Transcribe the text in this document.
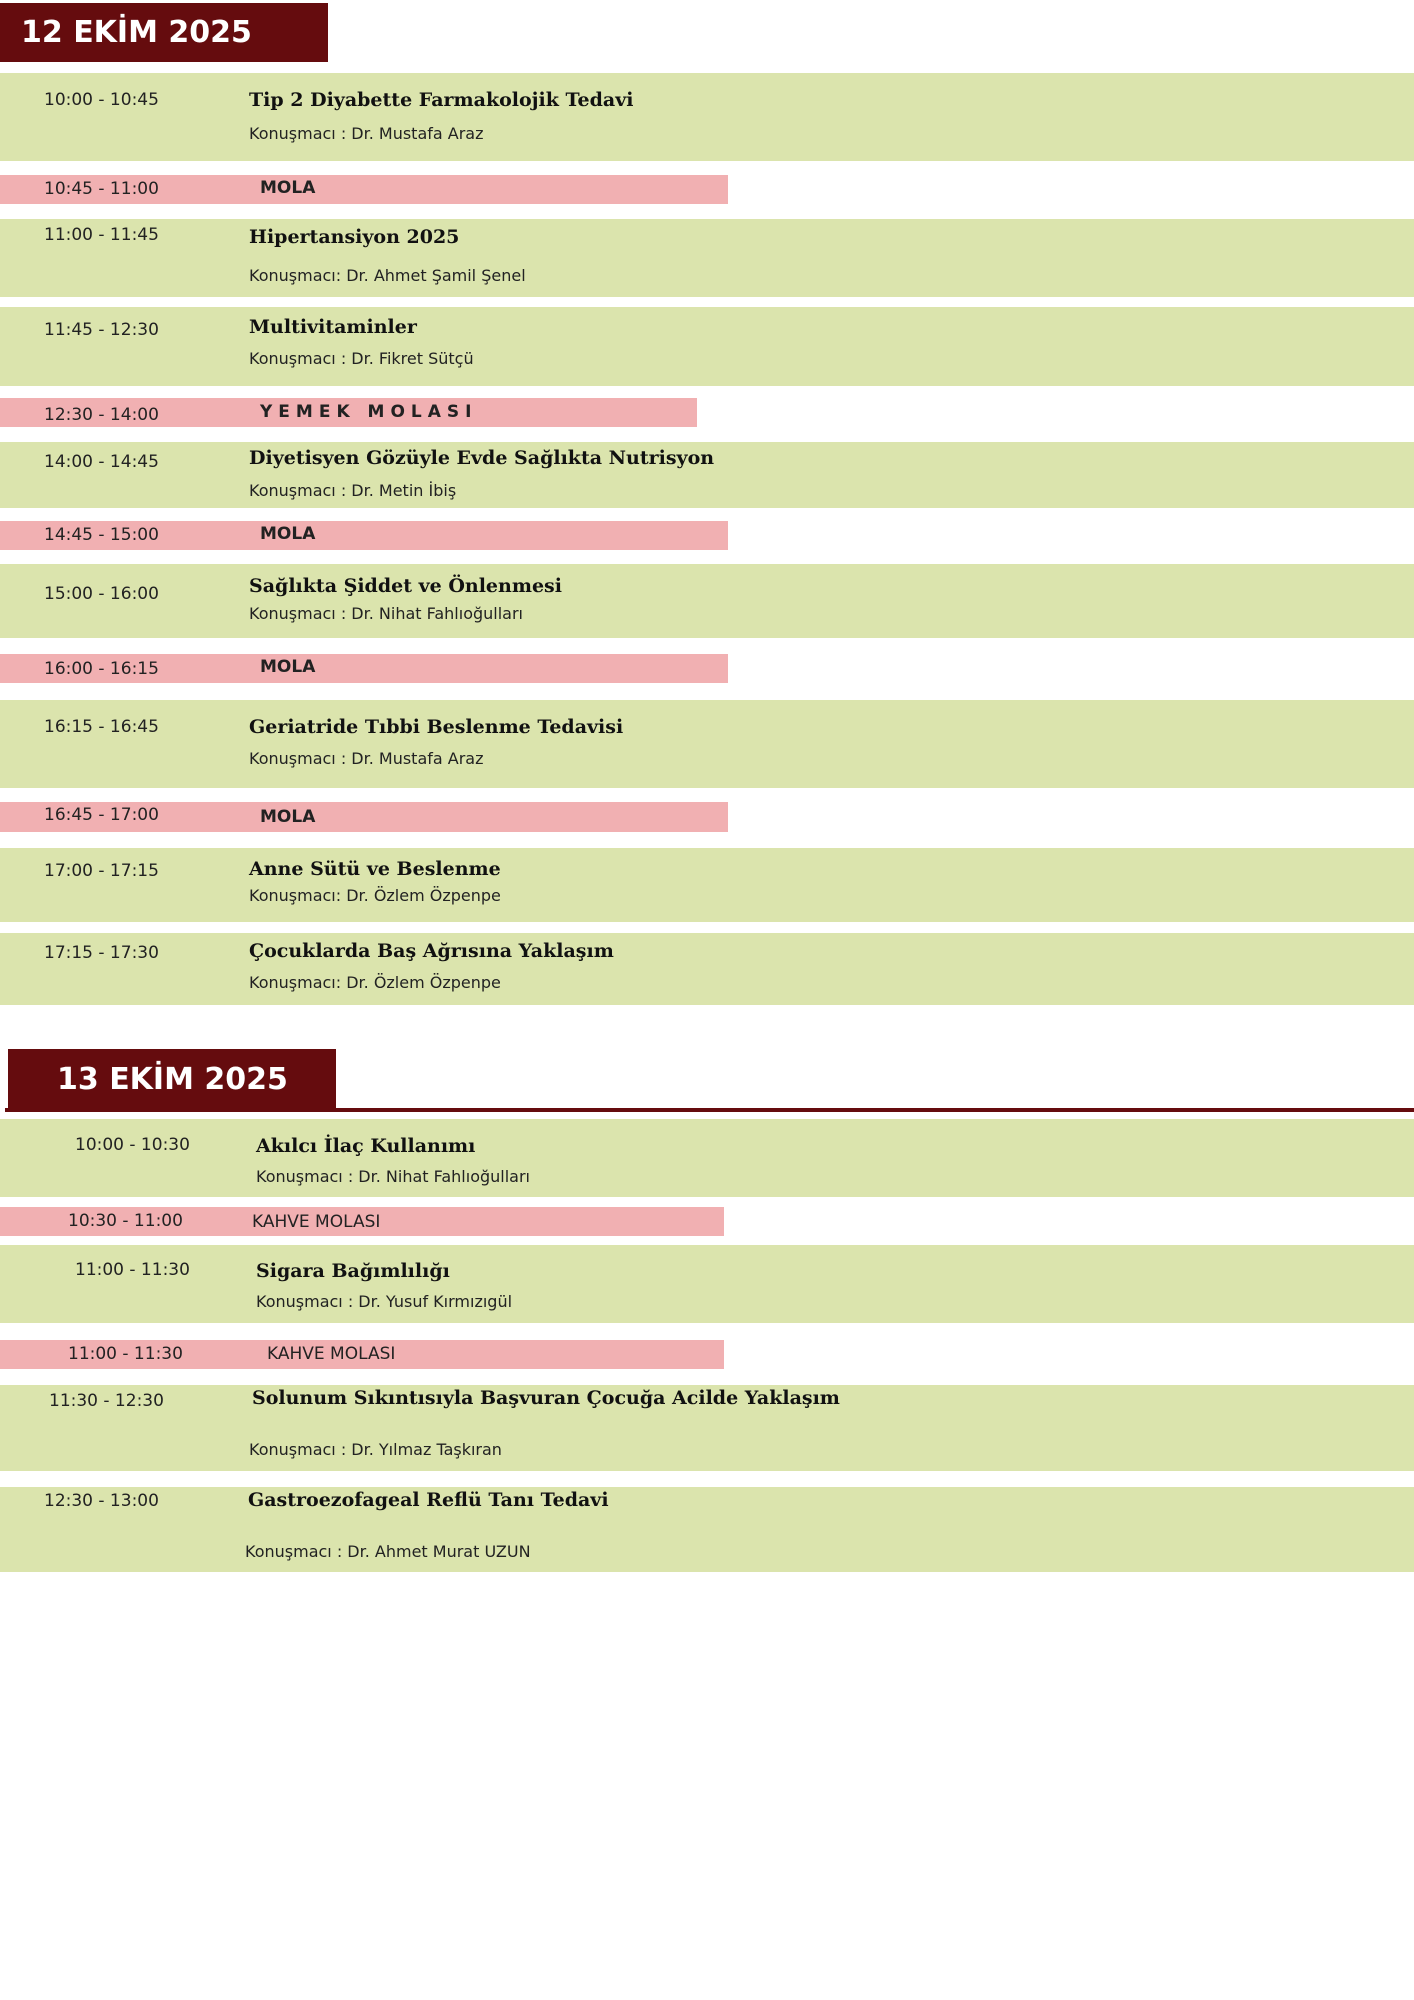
12 EKİM 2025
10:00 - 10:45	Tip 2 Diyabette Farmakolojik Tedavi
Konuşmacı : Dr. Mustafa Araz
10:45 - 11:00	MOLA
11:00 - 11:45	Hipertansiyon 2025
Konuşmacı: Dr. Ahmet Şamil Şenel
11:45 - 12:30	Multivitaminler
Konuşmacı : Dr. Fikret Sütçü
12:30 - 14:00	YEMEK MOLASI
14:00 - 14:45	Diyetisyen Gözüyle Evde Sağlıkta Nutrisyon
Konuşmacı : Dr. Metin İbiş
14:45 - 15:00	MOLA
15:00 - 16:00	Sağlıkta Şiddet ve Önlenmesi
Konuşmacı : Dr. Nihat Fahlıoğulları
16:00 - 16:15	MOLA
16:15 - 16:45	Geriatride Tıbbi Beslenme Tedavisi
Konuşmacı : Dr. Mustafa Araz
16:45 - 17:00	MOLA
17:00 - 17:15	Anne Sütü ve Beslenme
Konuşmacı: Dr. Özlem Özpenpe
17:15 - 17:30	Çocuklarda Baş Ağrısına Yaklaşım
Konuşmacı: Dr. Özlem Özpenpe
13 EKİM 2025
10:00 - 10:30	Akılcı İlaç Kullanımı
Konuşmacı : Dr. Nihat Fahlıoğulları
10:30 - 11:00	KAHVE MOLASI
11:00 - 11:30	Sigara Bağımlılığı
Konuşmacı : Dr. Yusuf Kırmızıgül
11:00 - 11:30	KAHVE MOLASI
11:30 - 12:30	Solunum Sıkıntısıyla Başvuran Çocuğa Acilde Yaklaşım
Konuşmacı : Dr. Yılmaz Taşkıran
12:30 - 13:00	Gastroezofageal Reflü Tanı Tedavi
Konuşmacı : Dr. Ahmet Murat UZUN
